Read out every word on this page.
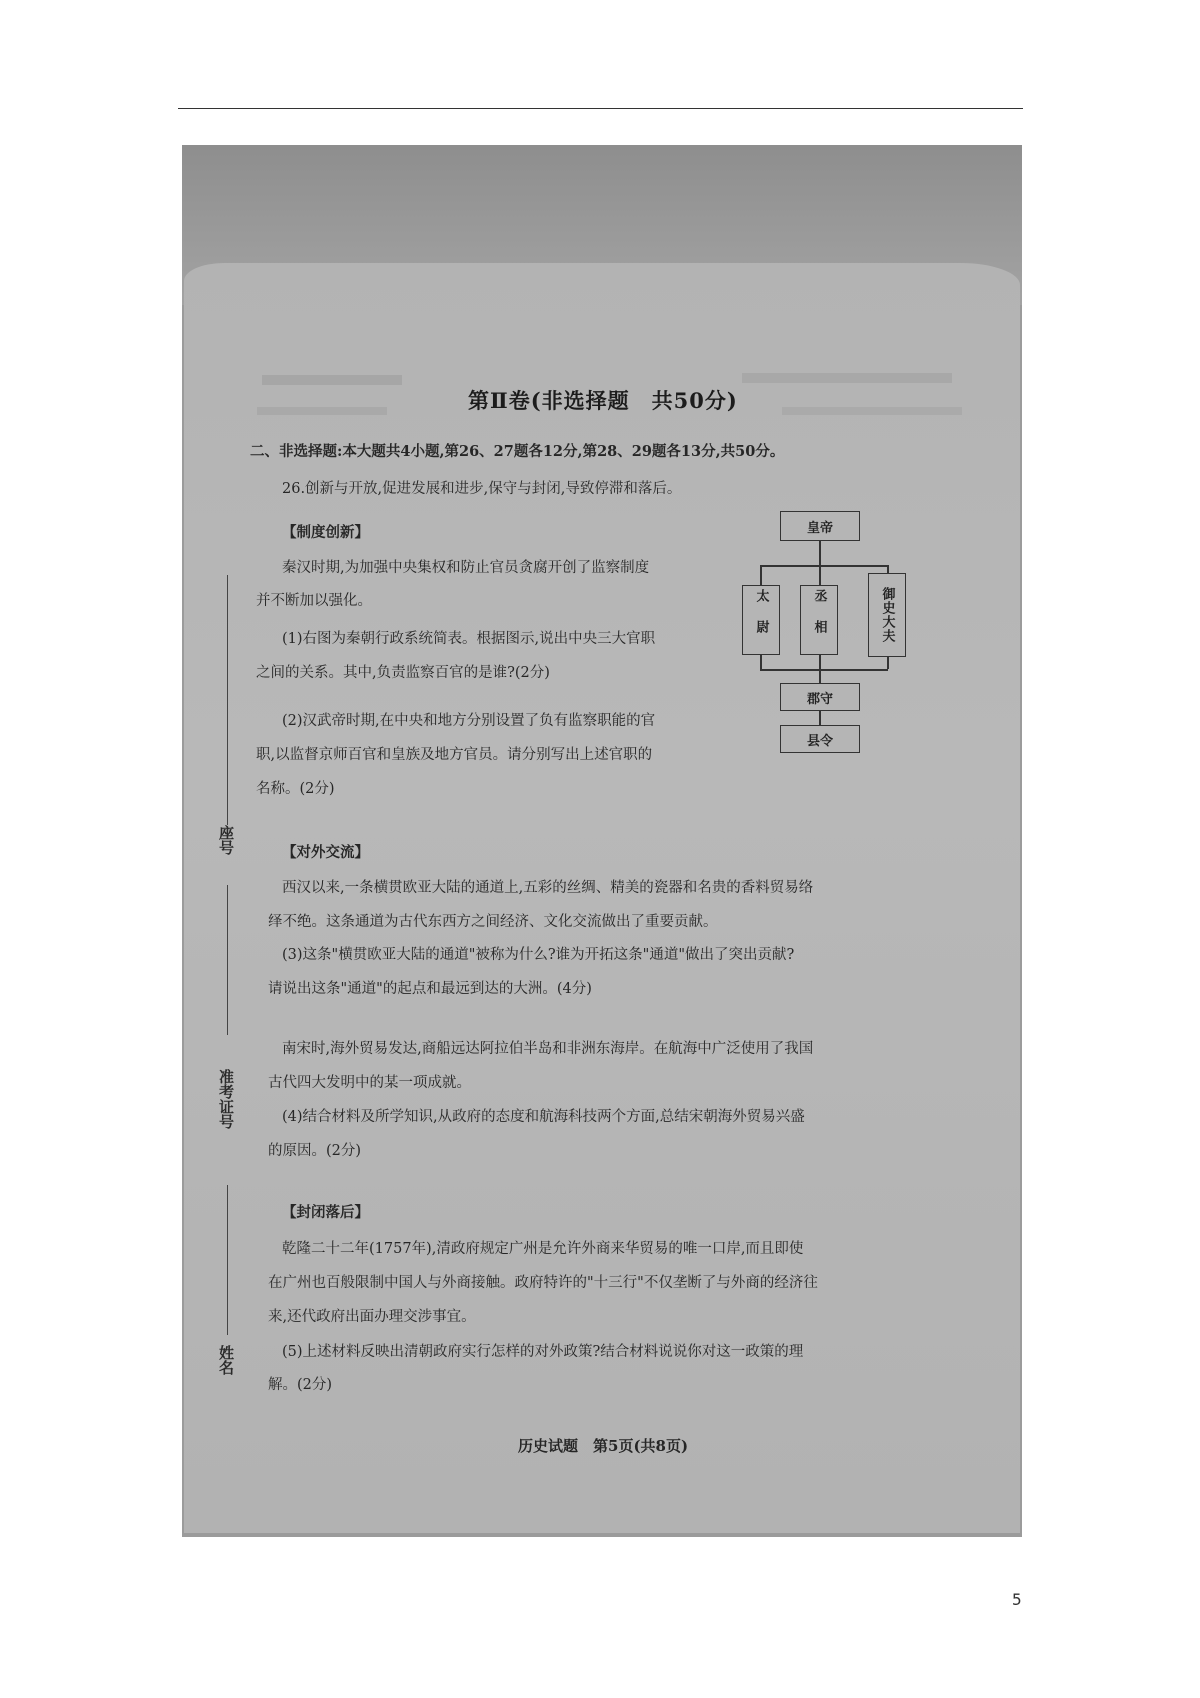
第Ⅱ卷(非选择题　共50分)
二、非选择题:本大题共4小题,第26、27题各12分,第28、29题各13分,共50分。
26.创新与开放,促进发展和进步,保守与封闭,导致停滞和落后。
【制度创新】
秦汉时期,为加强中央集权和防止官员贪腐开创了监察制度
并不断加以强化。
(1)右图为秦朝行政系统简表。根据图示,说出中央三大官职
之间的关系。其中,负责监察百官的是谁?(2分)
(2)汉武帝时期,在中央和地方分别设置了负有监察职能的官
职,以监督京师百官和皇族及地方官员。请分别写出上述官职的
名称。(2分)
皇帝
太尉	丞相	御史大夫
郡守
县令
【对外交流】
西汉以来,一条横贯欧亚大陆的通道上,五彩的丝绸、精美的瓷器和名贵的香料贸易络
绎不绝。这条通道为古代东西方之间经济、文化交流做出了重要贡献。
(3)这条"横贯欧亚大陆的通道"被称为什么?谁为开拓这条"通道"做出了突出贡献?
请说出这条"通道"的起点和最远到达的大洲。(4分)
南宋时,海外贸易发达,商船远达阿拉伯半岛和非洲东海岸。在航海中广泛使用了我国
古代四大发明中的某一项成就。
(4)结合材料及所学知识,从政府的态度和航海科技两个方面,总结宋朝海外贸易兴盛
的原因。(2分)
【封闭落后】
乾隆二十二年(1757年),清政府规定广州是允许外商来华贸易的唯一口岸,而且即使
在广州也百般限制中国人与外商接触。政府特许的"十三行"不仅垄断了与外商的经济往
来,还代政府出面办理交涉事宜。
(5)上述材料反映出清朝政府实行怎样的对外政策?结合材料说说你对这一政策的理
解。(2分)
座号
准考证号
姓名
历史试题　第5页(共8页)
5
